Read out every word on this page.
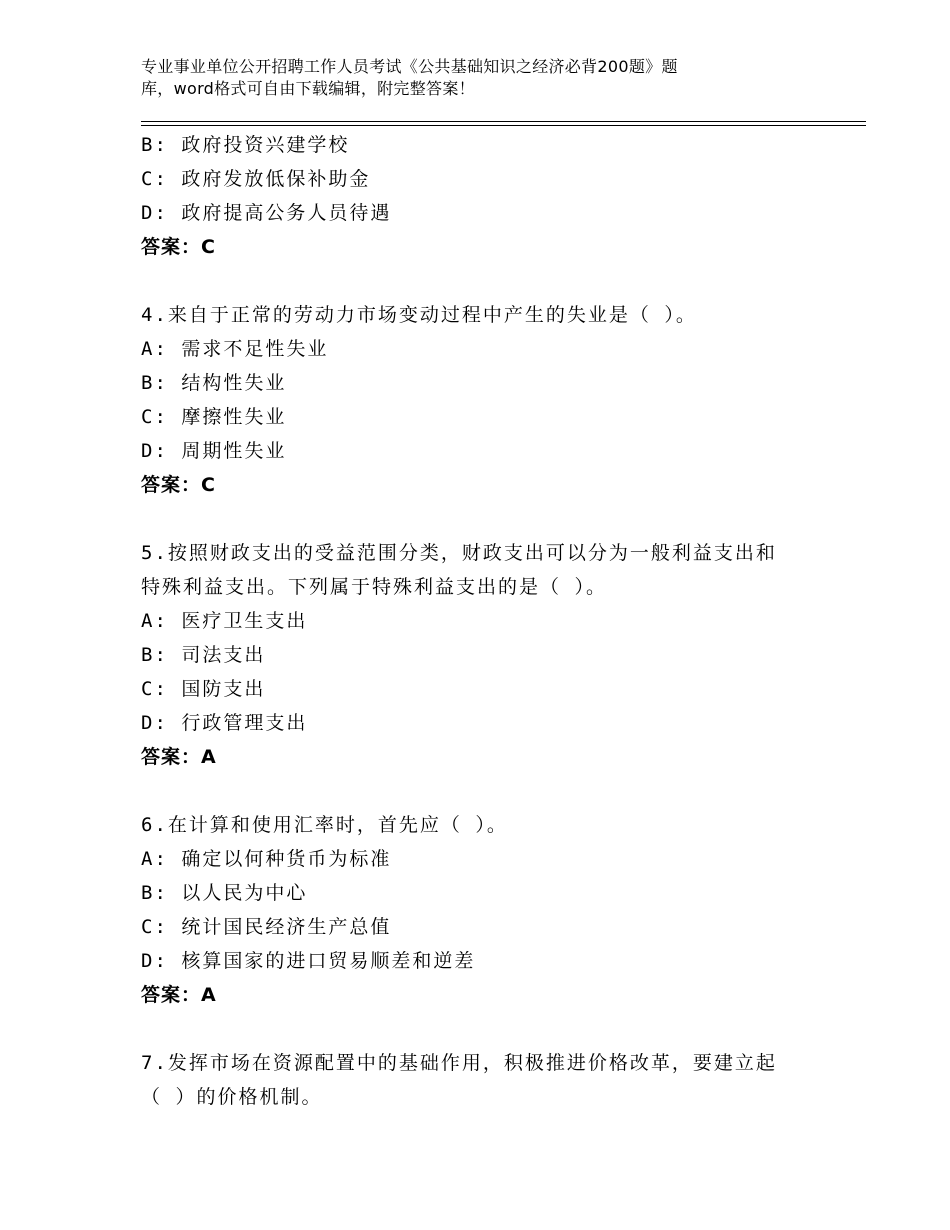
专业事业单位公开招聘工作人员考试《公共基础知识之经济必背200题》题
库，word格式可自由下载编辑，附完整答案！
B: 政府投资兴建学校
C: 政府发放低保补助金
D: 政府提高公务人员待遇
答案：C
4.来自于正常的劳动力市场变动过程中产生的失业是（ ）。
A: 需求不足性失业
B: 结构性失业
C: 摩擦性失业
D: 周期性失业
答案：C
5.按照财政支出的受益范围分类，财政支出可以分为一般利益支出和
特殊利益支出。下列属于特殊利益支出的是（ ）。
A: 医疗卫生支出
B: 司法支出
C: 国防支出
D: 行政管理支出
答案：A
6.在计算和使用汇率时，首先应（ ）。
A: 确定以何种货币为标准
B: 以人民为中心
C: 统计国民经济生产总值
D: 核算国家的进口贸易顺差和逆差
答案：A
7.发挥市场在资源配置中的基础作用，积极推进价格改革，要建立起
（ ）的价格机制。
